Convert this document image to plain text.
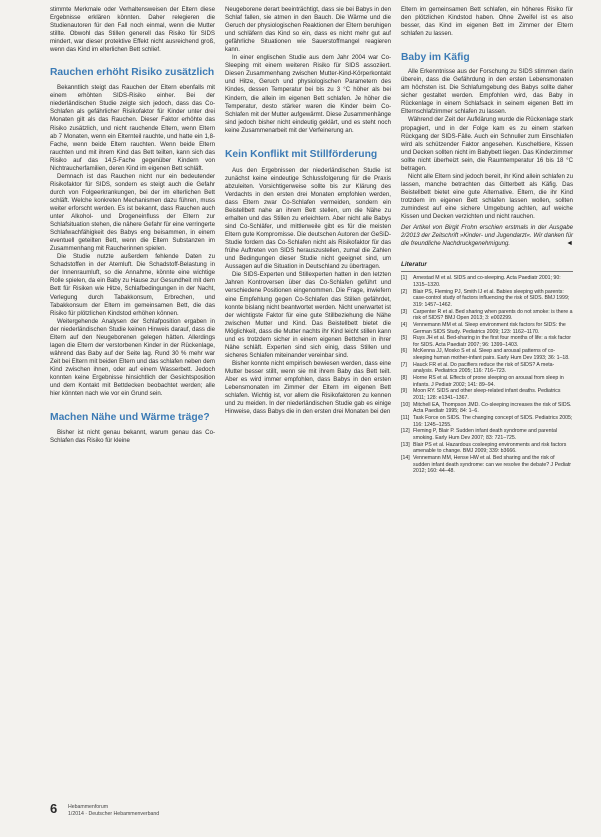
stimmte Merkmale oder Verhaltensweisen der Eltern diese Ergebnisse erklären könnten. Daher relegieren die Studienautoren für den Fall noch einmal, wenn die Mutter stillte. Obwohl das Stillen generell das Risiko für SIDS mindert, war dieser protektive Effekt nicht ausreichend groß, wenn das Kind im elterlichen Bett schlief.

Rauchen erhöht Risiko zusätzlich

Bekanntlich steigt das Rauchen der Eltern ebenfalls mit einem erhöhten SIDS-Risiko einher. Bei der niederländischen Studie zeigte sich jedoch, dass das Co-Schlafen als gefährlicher Risikofaktor für Kinder unter drei Monaten gilt als das Rauchen. Dieser Faktor erhöhte das Risiko zusätzlich, und nicht rauchende Eltern, wenn Eltern ab 7 Monaten, wenn ein Elternteil rauchte, und hatte ein 1,8-Fache, wenn beide Eltern rauchten. Wenn beide Eltern rauchten und mit ihrem Kind das Bett teilten, kann sich das Risiko auf das 14,5-Fache gegenüber Kindern von Nichtraucherfamilien, deren Kind im eigenen Bett schläft.

Demnach ist das Rauchen nicht nur ein bedeutender Risikofaktor für SIDS, sondern es steigt auch die Gefahr durch von Folgeerkrankungen, bei der im elterlichen Bett schläft. Welche konkreten Mechanismen dazu führen, muss weiter erforscht werden. Es ist bekannt, dass Rauchen auch unter Alkohol- und Drogeneinfluss der Eltern zur Schlafsituation stehen, die nähere Gefahr für eine verringerte Schlafwachfähigkeit des Babys eng beisammen, in einem eventuell geteilten Bett, wenn die Eltern Substanzen im Zusammenhang mit Raucherinnen spielen.

Die Studie nutzte außerdem fehlende Daten zu Schadstoffen in der Atemluft. Die Schadstoff-Belastung in der Innenraumluft, so die Annahme, könnte eine wichtige Rolle spielen, da ein Baby zu Hause zur Gesundheit mit dem Bett für Risiken wie Hitze, Schlafbedingungen in der Nacht, Verlegung durch Tabakkonsum, Erbrechen, und Tabakkonsum der Eltern im gemeinsamen Bett, die das Risiko für plötzlichen Kindstod erhöhen können.

Weitergehende Analysen der Schlafposition ergaben in der niederländischen Studie keinen Hinweis darauf, dass die Eltern auf den Neugeborenen gelegen hätten. Allerdings lagen die Eltern der verstorbenen Kinder in der Rückenlage, während das Baby auf der Seite lag. Rund 30 % mehr war Zeit bei Eltern mit beiden Eltern und das schlafen neben dem Kind zwischen ihnen, oder auf einem Wasserbett. Jedoch konnten keine Ergebnisse hinsichtlich der Gesichtsposition und dem Kontakt mit Bettdecken beobachtet werden; alle hier könnten nach wie vor ein Grund sein.

Machen Nähe und Wärme träge?

Bisher ist nicht genau bekannt, warum genau das Co-Schlafen das Risiko für kleine

Neugeborene derart beeinträchtigt, dass sie bei Babys in den Schlaf fallen, sie atmen in den Bauch. Die Wärme und die Geruch der physiologischen Reaktionen der Eltern beruhigen und schläfern das Kind so ein, dass es nicht mehr gut auf gefährliche Situationen wie Sauerstoffmangel reagieren kann.

In einer englischen Studie aus dem Jahr 2004 war Co-Sleeping mit einem weiteren Risiko für SIDS assoziiert. Diesen Zusammenhang zwischen Mutter-Kind-Körperkontakt und Hitze, Geruch und physiologischen Parametern des Kindes, dessen Temperatur bei bis zu 3 °C höher als bei Kindern, die allein im eigenen Bett schlafen. Je höher die Temperatur, desto stärker waren die Kinder beim Co-Schlafen mit der Mutter aufgewärmt. Diese Zusammenhänge sind jedoch bisher nicht eindeutig geklärt, und es steht noch keine Zusammenarbeit mit der Verfeinerung an.

Kein Konflikt mit Stillförderung

Aus den Ergebnissen der niederländischen Studie ist zunächst keine eindeutige Schlussfolgerung für die Praxis abzuleiten. Vorsichtigerweise sollte bis zur Klärung des Verdachts in den ersten drei Monaten empfohlen werden, dass Eltern zwar Co-Schlafen vermeiden, sondern ein Beistellbett nahe an ihrem Bett stellen, um die Nähe zu erhalten und das Stillen zu erleichtern. Aber nicht alle Babys sind Co-Schläfer, und mittlerweile gibt es für die meisten Eltern gute Kompromisse. Die deutschen Autoren der GeSiD-Studie fordern das Co-Schlafen nicht als Risikofaktor für das frühe Auftreten von SIDS herauszustellen, zumal die Zahlen und Bedingungen dieser Studie nicht geeignet sind, um Aussagen auf die Situation in Deutschland zu übertragen.

Die SIDS-Experten und Stillexperten hatten in den letzten Jahren Kontroversen über das Co-Schlafen geführt und verschiedene Positionen eingenommen. Die Frage, inwiefern eine Empfehlung gegen Co-Schlafen das Stillen gefährdet, konnte bislang nicht beantwortet werden. Nicht unerwartet ist der wichtigste Faktor für eine gute Stillbeziehung die Nähe zwischen Mutter und Kind. Das Beistellbett bietet die Möglichkeit, dass die Mutter nachts ihr Kind leicht stillen kann und es trotzdem sicher in einem eigenen Bettchen in ihrer Nähe schläft. Experten sind sich einig, dass Stillen und sicheres Schlafen miteinander vereinbar sind.

Bisher konnte nicht empirisch bewiesen werden, dass eine Mutter besser stillt, wenn sie mit ihrem Baby das Bett teilt. Aber es wird immer empfohlen, dass Babys in den ersten Lebensmonaten im Zimmer der Eltern im eigenen Bett schlafen. Wichtig ist, vor allem die Risikofaktoren zu kennen und zu meiden. In der niederländischen Studie gab es einige Hinweise, dass Babys die in den ersten drei Monaten bei den

Eltern im gemeinsamen Bett schlafen, ein höheres Risiko für den plötzlichen Kindstod haben. Ohne Zweifel ist es also besser, das Kind im eigenen Bett im Zimmer der Eltern schlafen zu lassen.

Baby im Käfig

Alle Erkenntnisse aus der Forschung zu SIDS stimmen darin überein, dass die Gefährdung in den ersten Lebensmonaten am höchsten ist. Die Schlafumgebung des Babys sollte daher sicher gestaltet werden. Empfohlen wird, das Baby in Rückenlage in einem Schlafsack in seinem eigenen Bett im Elternschlafzimmer schlafen zu lassen.

Während der Zeit der Aufklärung wurde die Rückenlage stark propagiert, und in der Folge kam es zu einem starken Rückgang der SIDS-Fälle. Auch ein Schnuller zum Einschlafen wird als schützender Faktor angesehen. Kuscheltiere, Kissen und Decken sollten nicht im Babybett liegen. Das Kinderzimmer sollte nicht überheizt sein, die Raumtemperatur 16 bis 18 °C betragen.

Nicht alle Eltern sind jedoch bereit, ihr Kind allein schlafen zu lassen, manche betrachten das Gitterbett als Käfig. Das Beistellbett bietet eine gute Alternative. Eltern, die ihr Kind trotzdem im eigenen Bett schlafen lassen wollen, sollten zumindest auf eine sichere Umgebung achten, auf weiche Kissen und Decken verzichten und nicht rauchen.

Der Artikel von Birgit Frohn erschien erstmals in der Ausgabe 2/2013 der Zeitschrift »Kinder- und Jugendarzt«. Wir danken für die freundliche Nachdruckgenehmigung.	◄

Literatur
[1] Arnestad M et al. SIDS and co-sleeping. Acta Paediatr 2001; 90: 1315–1320.
[2] Blair PS, Fleming PJ, Smith IJ et al. Babies sleeping with parents: case-control study of factors influencing the risk of SIDS. BMJ 1999; 319: 1457–1462.
[3] Carpenter R et al. Bed sharing when parents do not smoke: is there a risk of SIDS? BMJ Open 2013; 3: e002299.
[4] Vennemann MM et al. Sleep environment risk factors for SIDS: the German SIDS Study. Pediatrics 2009; 123: 1162–1170.
[5] Ruys JH et al. Bed-sharing in the first four months of life: a risk factor for SIDS. Acta Paediatr 2007; 96: 1399–1403.
[6] McKenna JJ, Mosko S et al. Sleep and arousal patterns of co-sleeping human mother-infant pairs. Early Hum Dev 1993; 36: 1–18.
[7] Hauck FR et al. Do pacifiers reduce the risk of SIDS? A meta-analysis. Pediatrics 2005; 116: 716–723.
[8] Horne RS et al. Effects of prone sleeping on arousal from sleep in infants. J Pediatr 2002; 141: 89–94.
[9] Moon RY. SIDS and other sleep-related infant deaths. Pediatrics 2011; 128: e1341–1367.
[10] Mitchell EA, Thompson JMD. Co-sleeping increases the risk of SIDS. Acta Paediatr 1995; 84: 1–6.
[11] Task Force on SIDS. The changing concept of SIDS. Pediatrics 2005; 116: 1245–1255.
[12] Fleming P, Blair P. Sudden infant death syndrome and parental smoking. Early Hum Dev 2007; 83: 721–725.
[13] Blair PS et al. Hazardous cosleeping environments and risk factors amenable to change. BMJ 2009; 339: b3666.
[14] Vennemann MM, Hense HW et al. Bed sharing and the risk of sudden infant death syndrome: can we resolve the debate? J Pediatr 2012; 160: 44–48.
6 Hebammenforum
1/2014 · Deutscher Hebammenverband
